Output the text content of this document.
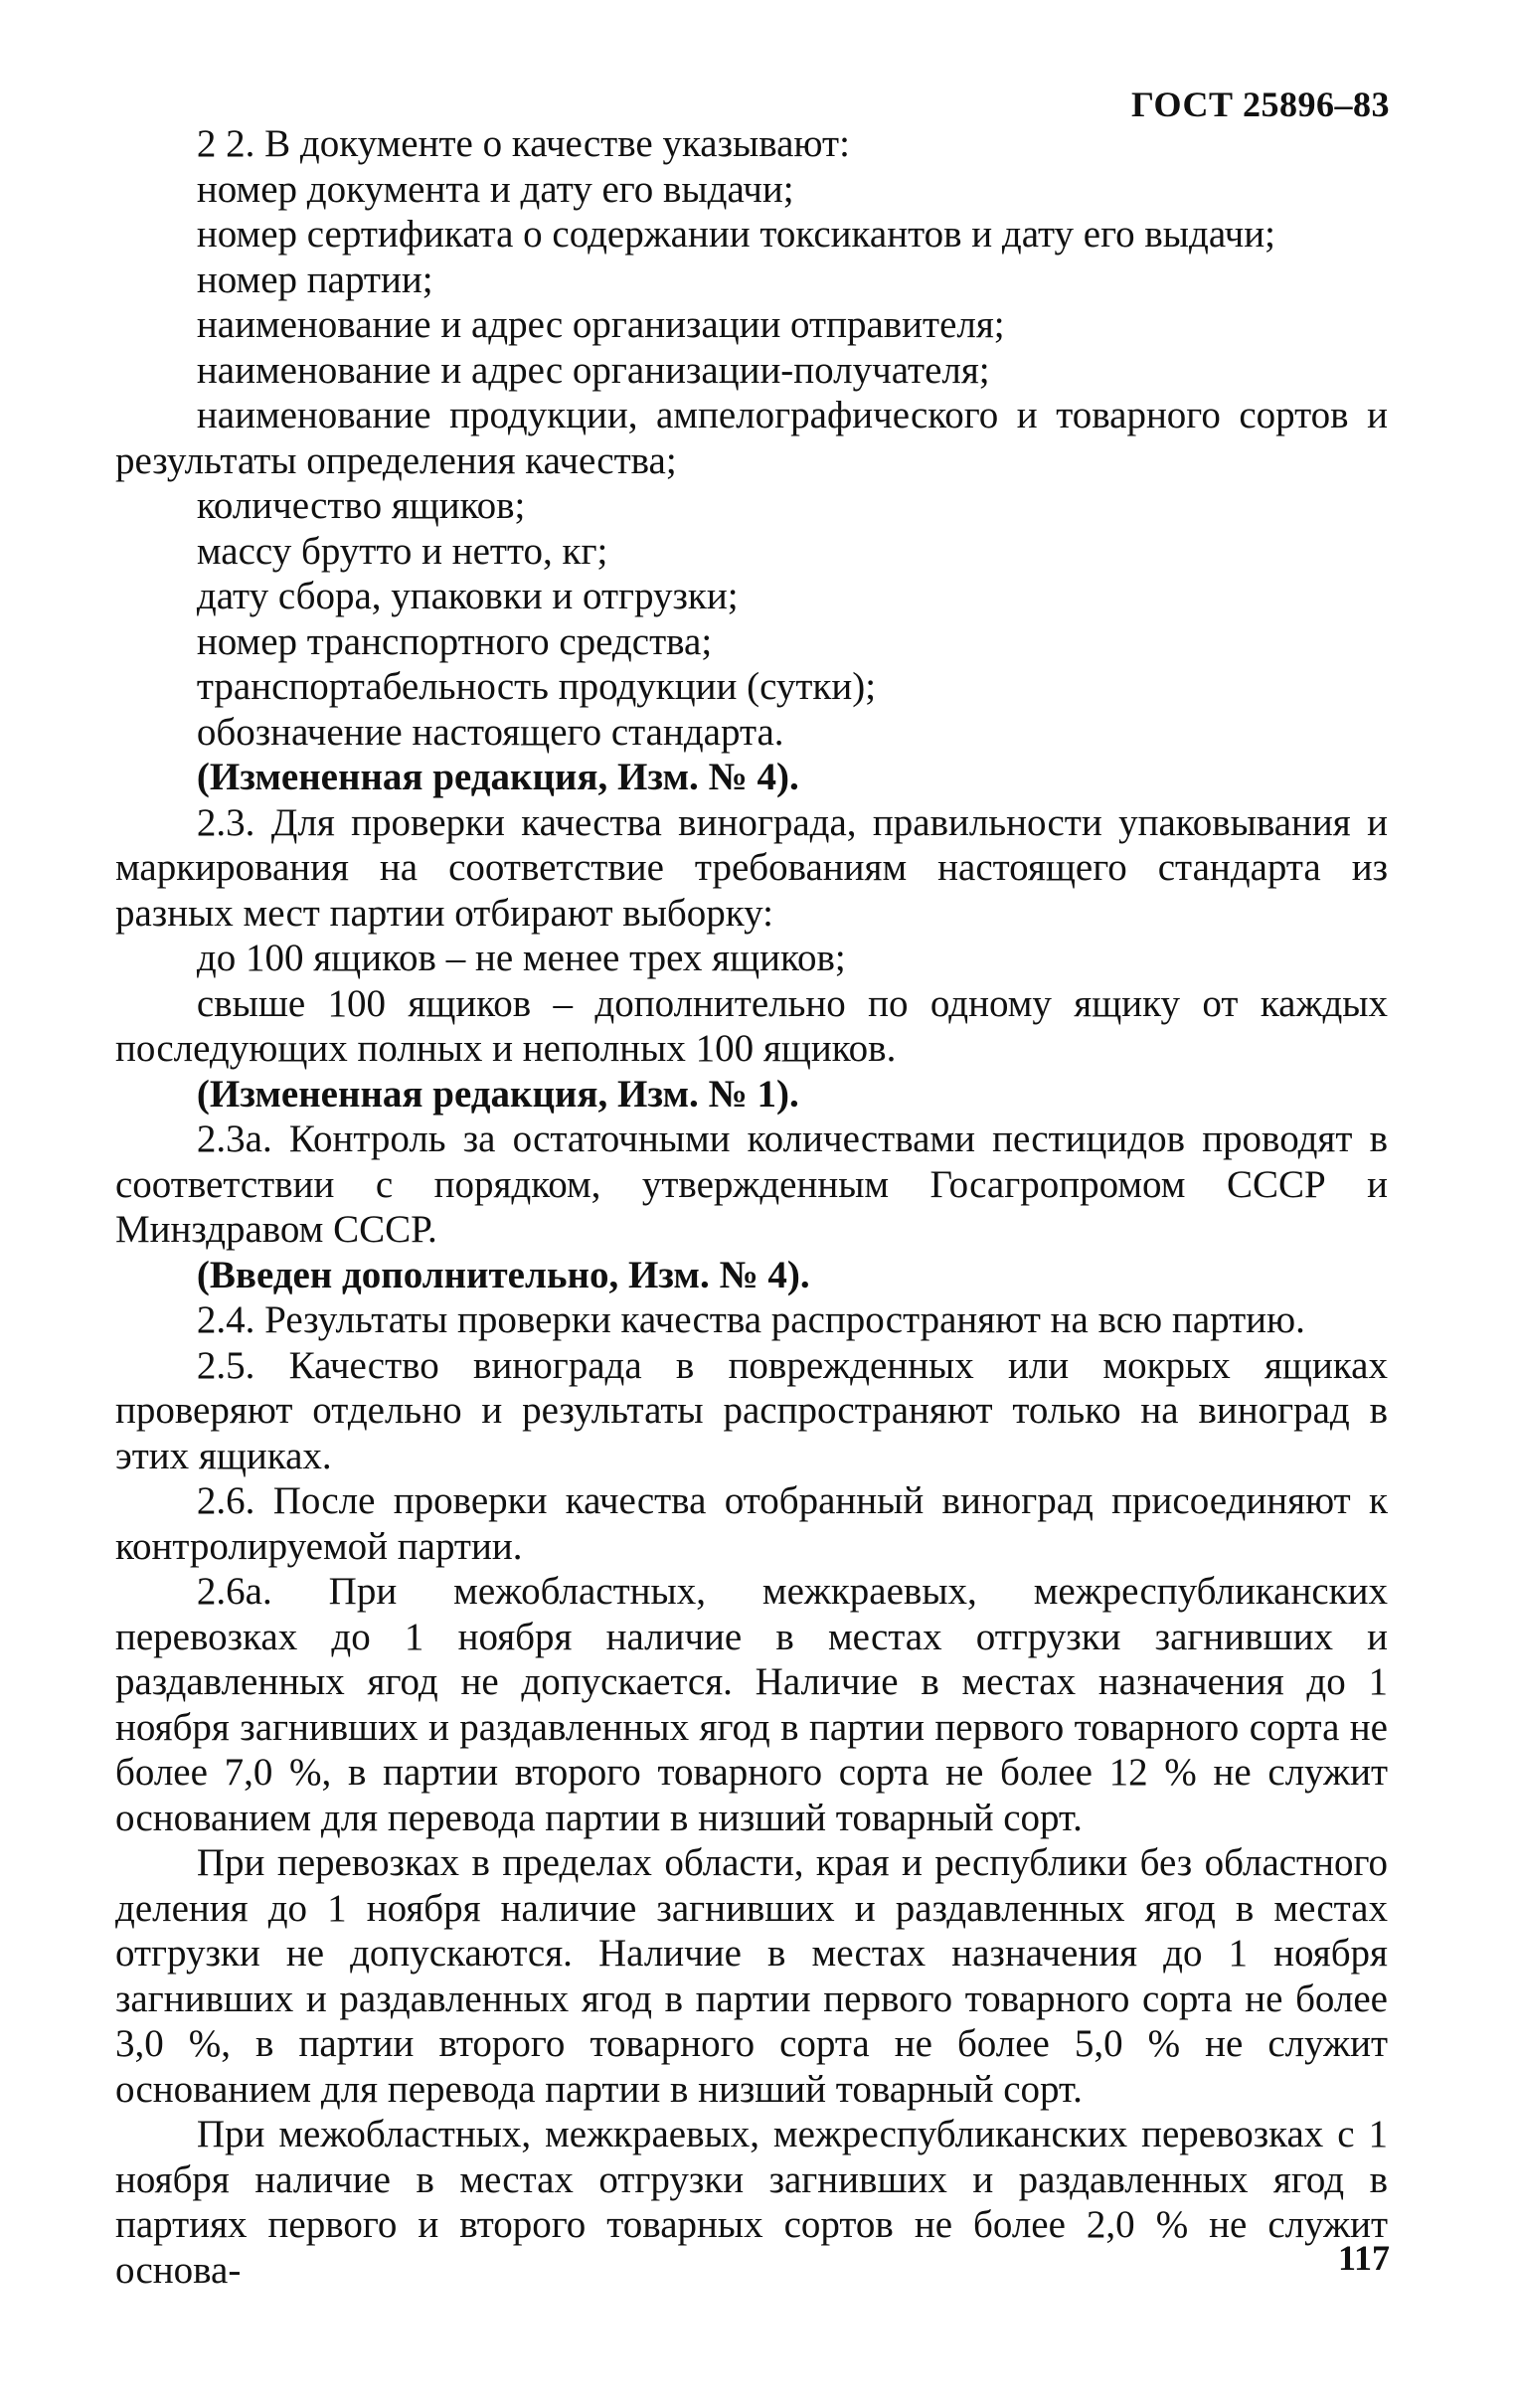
ГОСТ 25896–83

2 2. В документе о качестве указывают:

номер документа и дату его выдачи;

номер сертификата о содержании токсикантов и дату его выдачи;

номер партии;

наименование и адрес организации отправителя;

наименование и адрес организации-получателя;

наименование продукции, ампелографического и товарного сортов и результаты определения качества;

количество ящиков;

массу брутто и нетто, кг;

дату сбора, упаковки и отгрузки;

номер транспортного средства;

транспортабельность продукции (сутки);

обозначение настоящего стандарта.

(Измененная редакция, Изм. № 4).

2.3. Для проверки качества винограда, правильности упаковывания и маркирования на соответствие требованиям настоящего стандарта из разных мест партии отбирают выборку:

до 100 ящиков – не менее трех ящиков;

свыше 100 ящиков – дополнительно по одному ящику от каждых последующих полных и неполных 100 ящиков.

(Измененная редакция, Изм. № 1).

2.3а. Контроль за остаточными количествами пестицидов проводят в соответствии с порядком, утвержденным Госагропромом СССР и Минздравом СССР.

(Введен дополнительно, Изм. № 4).

2.4. Результаты проверки качества распространяют на всю партию.

2.5. Качество винограда в поврежденных или мокрых ящиках проверяют отдельно и результаты распространяют только на виноград в этих ящиках.

2.6. После проверки качества отобранный виноград присоединяют к контролируемой партии.

2.6а. При межобластных, межкраевых, межреспубликанских перевозках до 1 ноября наличие в местах отгрузки загнивших и раздавленных ягод не допускается. Наличие в местах назначения до 1 ноября загнивших и раздавленных ягод в партии первого товарного сорта не более 7,0 %, в партии второго товарного сорта не более 12 % не служит основанием для перевода партии в низший товарный сорт.

При перевозках в пределах области, края и республики без областного деления до 1 ноября наличие загнивших и раздавленных ягод в местах отгрузки не допускаются. Наличие в местах назначения до 1 ноября загнивших и раздавленных ягод в партии первого товарного сорта не более 3,0 %, в партии второго товарного сорта не более 5,0 % не служит основанием для перевода партии в низший товарный сорт.

При межобластных, межкраевых, межреспубликанских перевозках с 1 ноября наличие в местах отгрузки загнивших и раздавленных ягод в партиях первого и второго товарных сортов не более 2,0 % не служит основа-	117
